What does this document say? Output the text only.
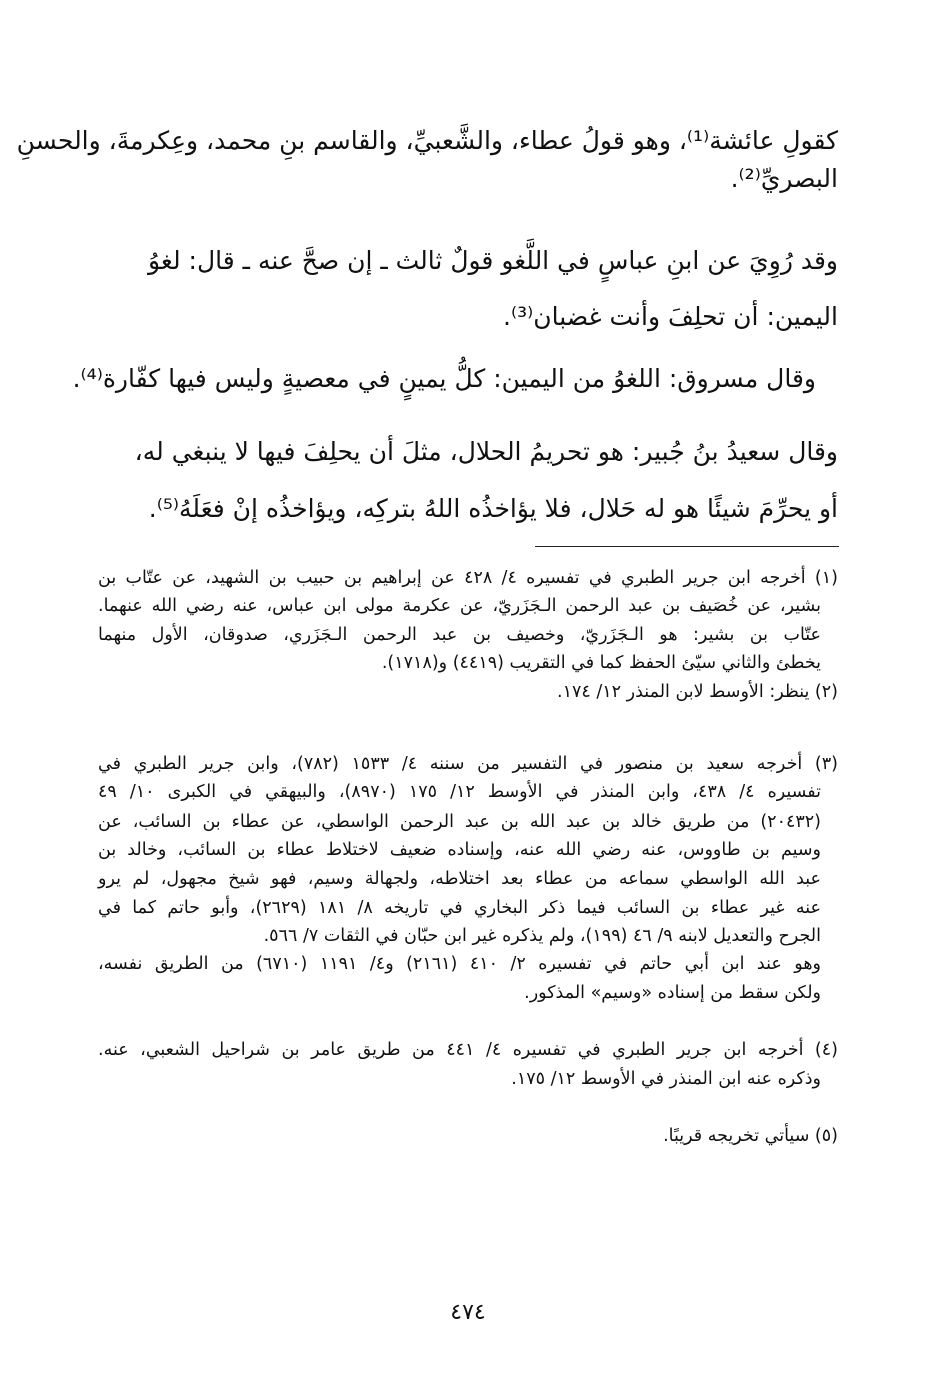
كقولِ عائشة⁽¹⁾، وهو قولُ عطاء، والشَّعبيِّ، والقاسم بنِ محمد، وعِكرمةَ، والحسنِ
البصريِّ⁽²⁾.
وقد رُوِيَ عن ابنِ عباسٍ في اللَّغو قولٌ ثالث ـ إن صحَّ عنه ـ قال: لغوُ
اليمين: أن تحلِفَ وأنت غضبان⁽³⁾.
وقال مسروق: اللغوُ من اليمين: كلُّ يمينٍ في معصيةٍ وليس فيها كفّارة⁽⁴⁾.
وقال سعيدُ بنُ جُبير: هو تحريمُ الحلال، مثلَ أن يحلِفَ فيها لا ينبغي له،
أو يحرِّمَ شيئًا هو له حَلال، فلا يؤاخذُه اللهُ بتركِه، ويؤاخذُه إنْ فعَلَهُ⁽⁵⁾.
(١) أخرجه ابن جرير الطبري في تفسيره ٤/ ٤٢٨ عن إبراهيم بن حبيب بن الشهيد، عن عتّاب بن
بشير، عن خُصَيف بن عبد الرحمن الـجَزَريّ، عن عكرمة مولى ابن عباس، عنه رضي الله عنهما.
عتّاب بن بشير: هو الـجَزَريّ، وخصيف بن عبد الرحمن الـجَزَري، صدوقان، الأول منهما
يخطئ والثاني سيّئ الحفظ كما في التقريب (٤٤١٩) و(١٧١٨).
(٢) ينظر: الأوسط لابن المنذر ١٢/ ١٧٤.
(٣) أخرجه سعيد بن منصور في التفسير من سننه ٤/ ١٥٣٣ (٧٨٢)، وابن جرير الطبري في
تفسيره ٤/ ٤٣٨، وابن المنذر في الأوسط ١٢/ ١٧٥ (٨٩٧٠)، والبيهقي في الكبرى ١٠/ ٤٩
(٢٠٤٣٢) من طريق خالد بن عبد الله بن عبد الرحمن الواسطي، عن عطاء بن السائب، عن
وسيم بن طاووس، عنه رضي الله عنه، وإسناده ضعيف لاختلاط عطاء بن السائب، وخالد بن
عبد الله الواسطي سماعه من عطاء بعد اختلاطه، ولجهالة وسيم، فهو شيخ مجهول، لم يرو
عنه غير عطاء بن السائب فيما ذكر البخاري في تاريخه ٨/ ١٨١ (٢٦٢٩)، وأبو حاتم كما في
الجرح والتعديل لابنه ٩/ ٤٦ (١٩٩)، ولم يذكره غير ابن حبّان في الثقات ٧/ ٥٦٦.
وهو عند ابن أبي حاتم في تفسيره ٢/ ٤١٠ (٢١٦١) و٤/ ١١٩١ (٦٧١٠) من الطريق نفسه،
ولكن سقط من إسناده «وسيم» المذكور.
(٤) أخرجه ابن جرير الطبري في تفسيره ٤/ ٤٤١ من طريق عامر بن شراحيل الشعبي، عنه.
وذكره عنه ابن المنذر في الأوسط ١٢/ ١٧٥.
(٥) سيأتي تخريجه قريبًا.
٤٧٤
